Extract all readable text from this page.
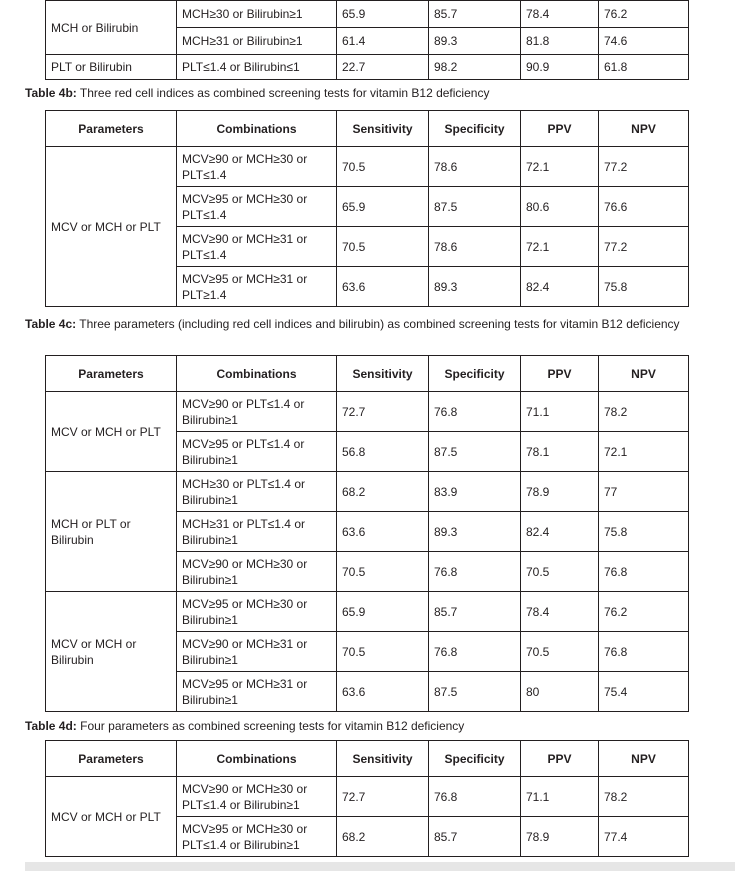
MCH or Bilirubin	MCH≥30 or Bilirubin≥1	65.9	85.7	78.4	76.2
	MCH≥31 or Bilirubin≥1	61.4	89.3	81.8	74.6
PLT or Bilirubin	PLT≤1.4 or Bilirubin≤1	22.7	98.2	90.9	61.8
Table 4b: Three red cell indices as combined screening tests for vitamin B12 deficiency
Parameters	Combinations	Sensitivity	Specificity	PPV	NPV
MCV or MCH or PLT	MCV≥90 or MCH≥30 or PLT≤1.4	70.5	78.6	72.1	77.2
	MCV≥95 or MCH≥30 or PLT≤1.4	65.9	87.5	80.6	76.6
	MCV≥90 or MCH≥31 or PLT≤1.4	70.5	78.6	72.1	77.2
	MCV≥95 or MCH≥31 or PLT≥1.4	63.6	89.3	82.4	75.8
Table 4c: Three parameters (including red cell indices and bilirubin) as combined screening tests for vitamin B12 deficiency
Parameters	Combinations	Sensitivity	Specificity	PPV	NPV
MCV or MCH or PLT	MCV≥90 or PLT≤1.4 or Bilirubin≥1	72.7	76.8	71.1	78.2
	MCV≥95 or PLT≤1.4 or Bilirubin≥1	56.8	87.5	78.1	72.1
MCH or PLT or Bilirubin	MCH≥30 or PLT≤1.4 or Bilirubin≥1	68.2	83.9	78.9	77
	MCH≥31 or PLT≤1.4 or Bilirubin≥1	63.6	89.3	82.4	75.8
	MCV≥90 or MCH≥30 or Bilirubin≥1	70.5	76.8	70.5	76.8
MCV or MCH or Bilirubin	MCV≥95 or MCH≥30 or Bilirubin≥1	65.9	85.7	78.4	76.2
	MCV≥90 or MCH≥31 or Bilirubin≥1	70.5	76.8	70.5	76.8
	MCV≥95 or MCH≥31 or Bilirubin≥1	63.6	87.5	80	75.4
Table 4d: Four parameters as combined screening tests for vitamin B12 deficiency
Parameters	Combinations	Sensitivity	Specificity	PPV	NPV
MCV or MCH or PLT	MCV≥90 or MCH≥30 or PLT≤1.4 or Bilirubin≥1	72.7	76.8	71.1	78.2
	MCV≥95 or MCH≥30 or PLT≤1.4 or Bilirubin≥1	68.2	85.7	78.9	77.4
